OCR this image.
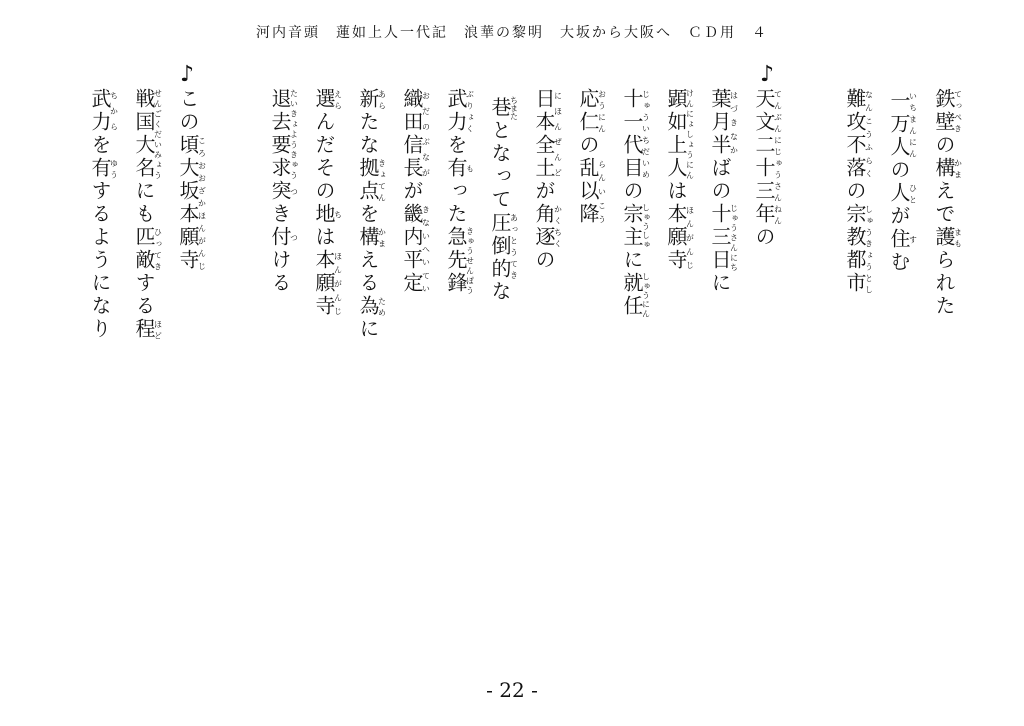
河内音頭　蓮如上人一代記　浪華の黎明　大坂から大阪へ　ＣＤ用　４
鉄壁てっぺきの構かまえで護まもられた
一万人いちまんにんの人ひとが住すむ
難攻不落なんこうふらくの宗教都市しゅうきょうとし
♪
天文二十三年てんぶんにじゅうさんねんの
葉月半はづきなかばの十三日じゅうさんにちに
顕如上人けんにょしょうにんは本願寺ほんがんじ
十一代目じゅういちだいめの宗主しゅうしゅに就任しゅうにん
応仁おうにんの乱以降らんいこう
日本全土にほんぜんどが角逐かくちくの
巷ちまたとなって圧倒的あっとうてきな
武力ぶりょくを有もった急先鋒きゅうせんぽう
織田信長おだのぶながが畿内平定きないへいてい
新あらたな拠点きょてんを構かまえる為ために
選えらんだその地ちは本願寺ほんがんじ
退去要求たいきょようきゅう突つき付つける
♪
この頃大坂本願寺ころおおざかほんがんじ
戦国大名せんごくだいみょうにも匹敵ひってきする程ほど
武力ちからを有ゆうするようになり
- 22 -
